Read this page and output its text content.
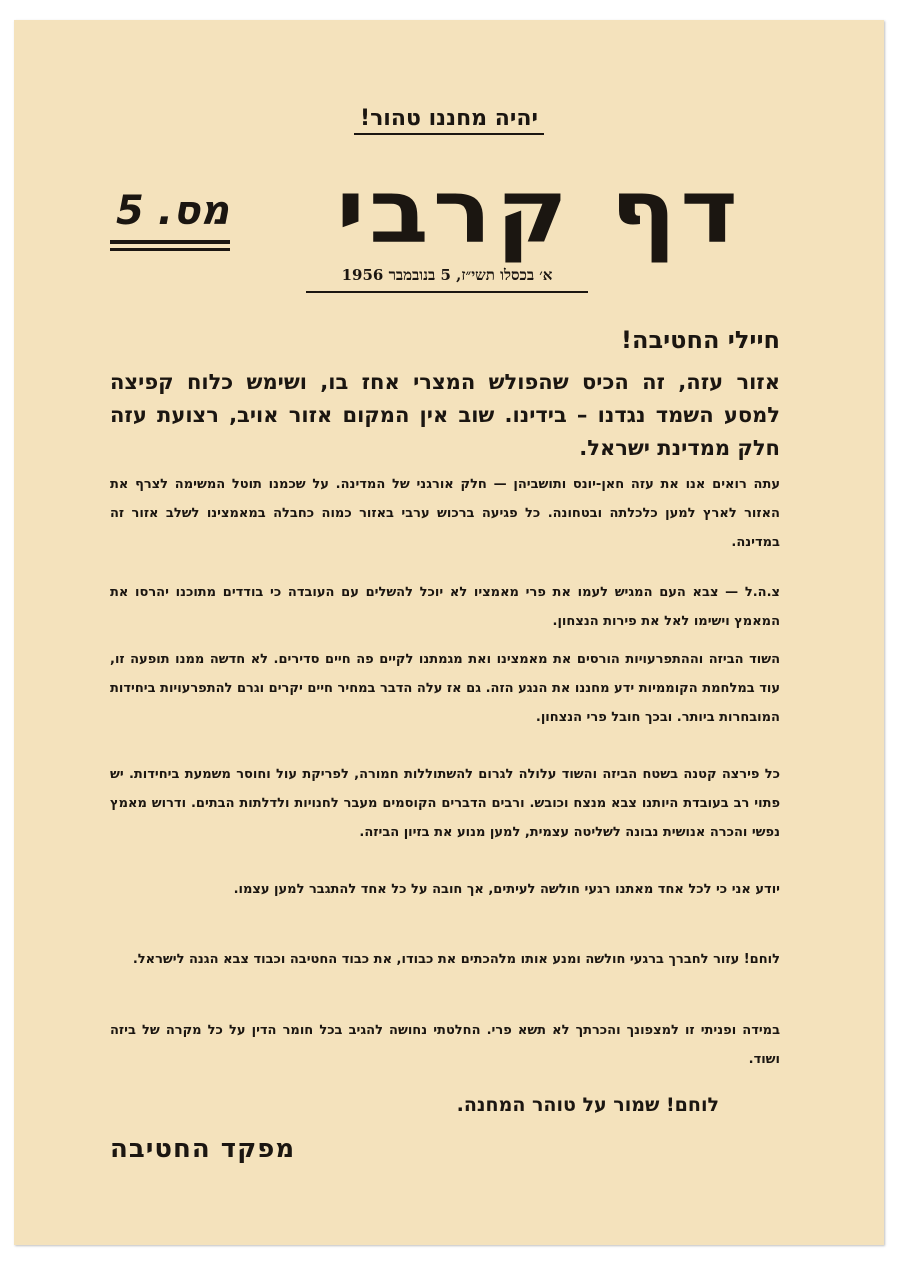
יהיה מחננו טהור!
דף קרבי
מס. 5
א׳ בכסלו תשי״ז, 5 בנובמבר 1956
חיילי החטיבה!
אזור עזה, זה הכיס שהפולש המצרי אחז בו, ושימש כלוח קפיצה למסע השמד נגדנו – בידינו. שוב אין המקום אזור אויב, רצועת עזה חלק ממדינת ישראל.
עתה רואים אנו את עזה חאן-יונס ותושביהן — חלק אורגני של המדינה. על שכמנו תוטל המשימה לצרף את האזור לארץ למען כלכלתה ובטחונה. כל פגיעה ברכוש ערבי באזור כמוה כחבלה במאמצינו לשלב אזור זה במדינה.
צ.ה.ל — צבא העם המגיש לעמו את פרי מאמציו לא יוכל להשלים עם העובדה כי בודדים מתוכנו יהרסו את המאמץ וישימו לאל את פירות הנצחון.
השוד הביזה וההתפרעויות הורסים את מאמצינו ואת מגמתנו לקיים פה חיים סדירים. לא חדשה ממנו תופעה זו, עוד במלחמת הקוממיות ידע מחננו את הנגע הזה. גם אז עלה הדבר במחיר חיים יקרים וגרם להתפרעויות ביחידות המובחרות ביותר. ובכך חובל פרי הנצחון.
כל פירצה קטנה בשטח הביזה והשוד עלולה לגרום להשתוללות חמורה, לפריקת עול וחוסר משמעת ביחידות. יש פתוי רב בעובדת היותנו צבא מנצח וכובש. ורבים הדברים הקוסמים מעבר לחנויות ולדלתות הבתים. ודרוש מאמץ נפשי והכרה אנושית נבונה לשליטה עצמית, למען מנוע את בזיון הביזה.
יודע אני כי לכל אחד מאתנו רגעי חולשה לעיתים, אך חובה על כל אחד להתגבר למען עצמו.
לוחם! עזור לחברך ברגעי חולשה ומנע אותו מלהכתים את כבודו, את כבוד החטיבה וכבוד צבא הגנה לישראל.
במידה ופניתי זו למצפונך והכרתך לא תשא פרי. החלטתי נחושה להגיב בכל חומר הדין על כל מקרה של ביזה ושוד.
לוחם! שמור על טוהר המחנה.
מפקד החטיבה
